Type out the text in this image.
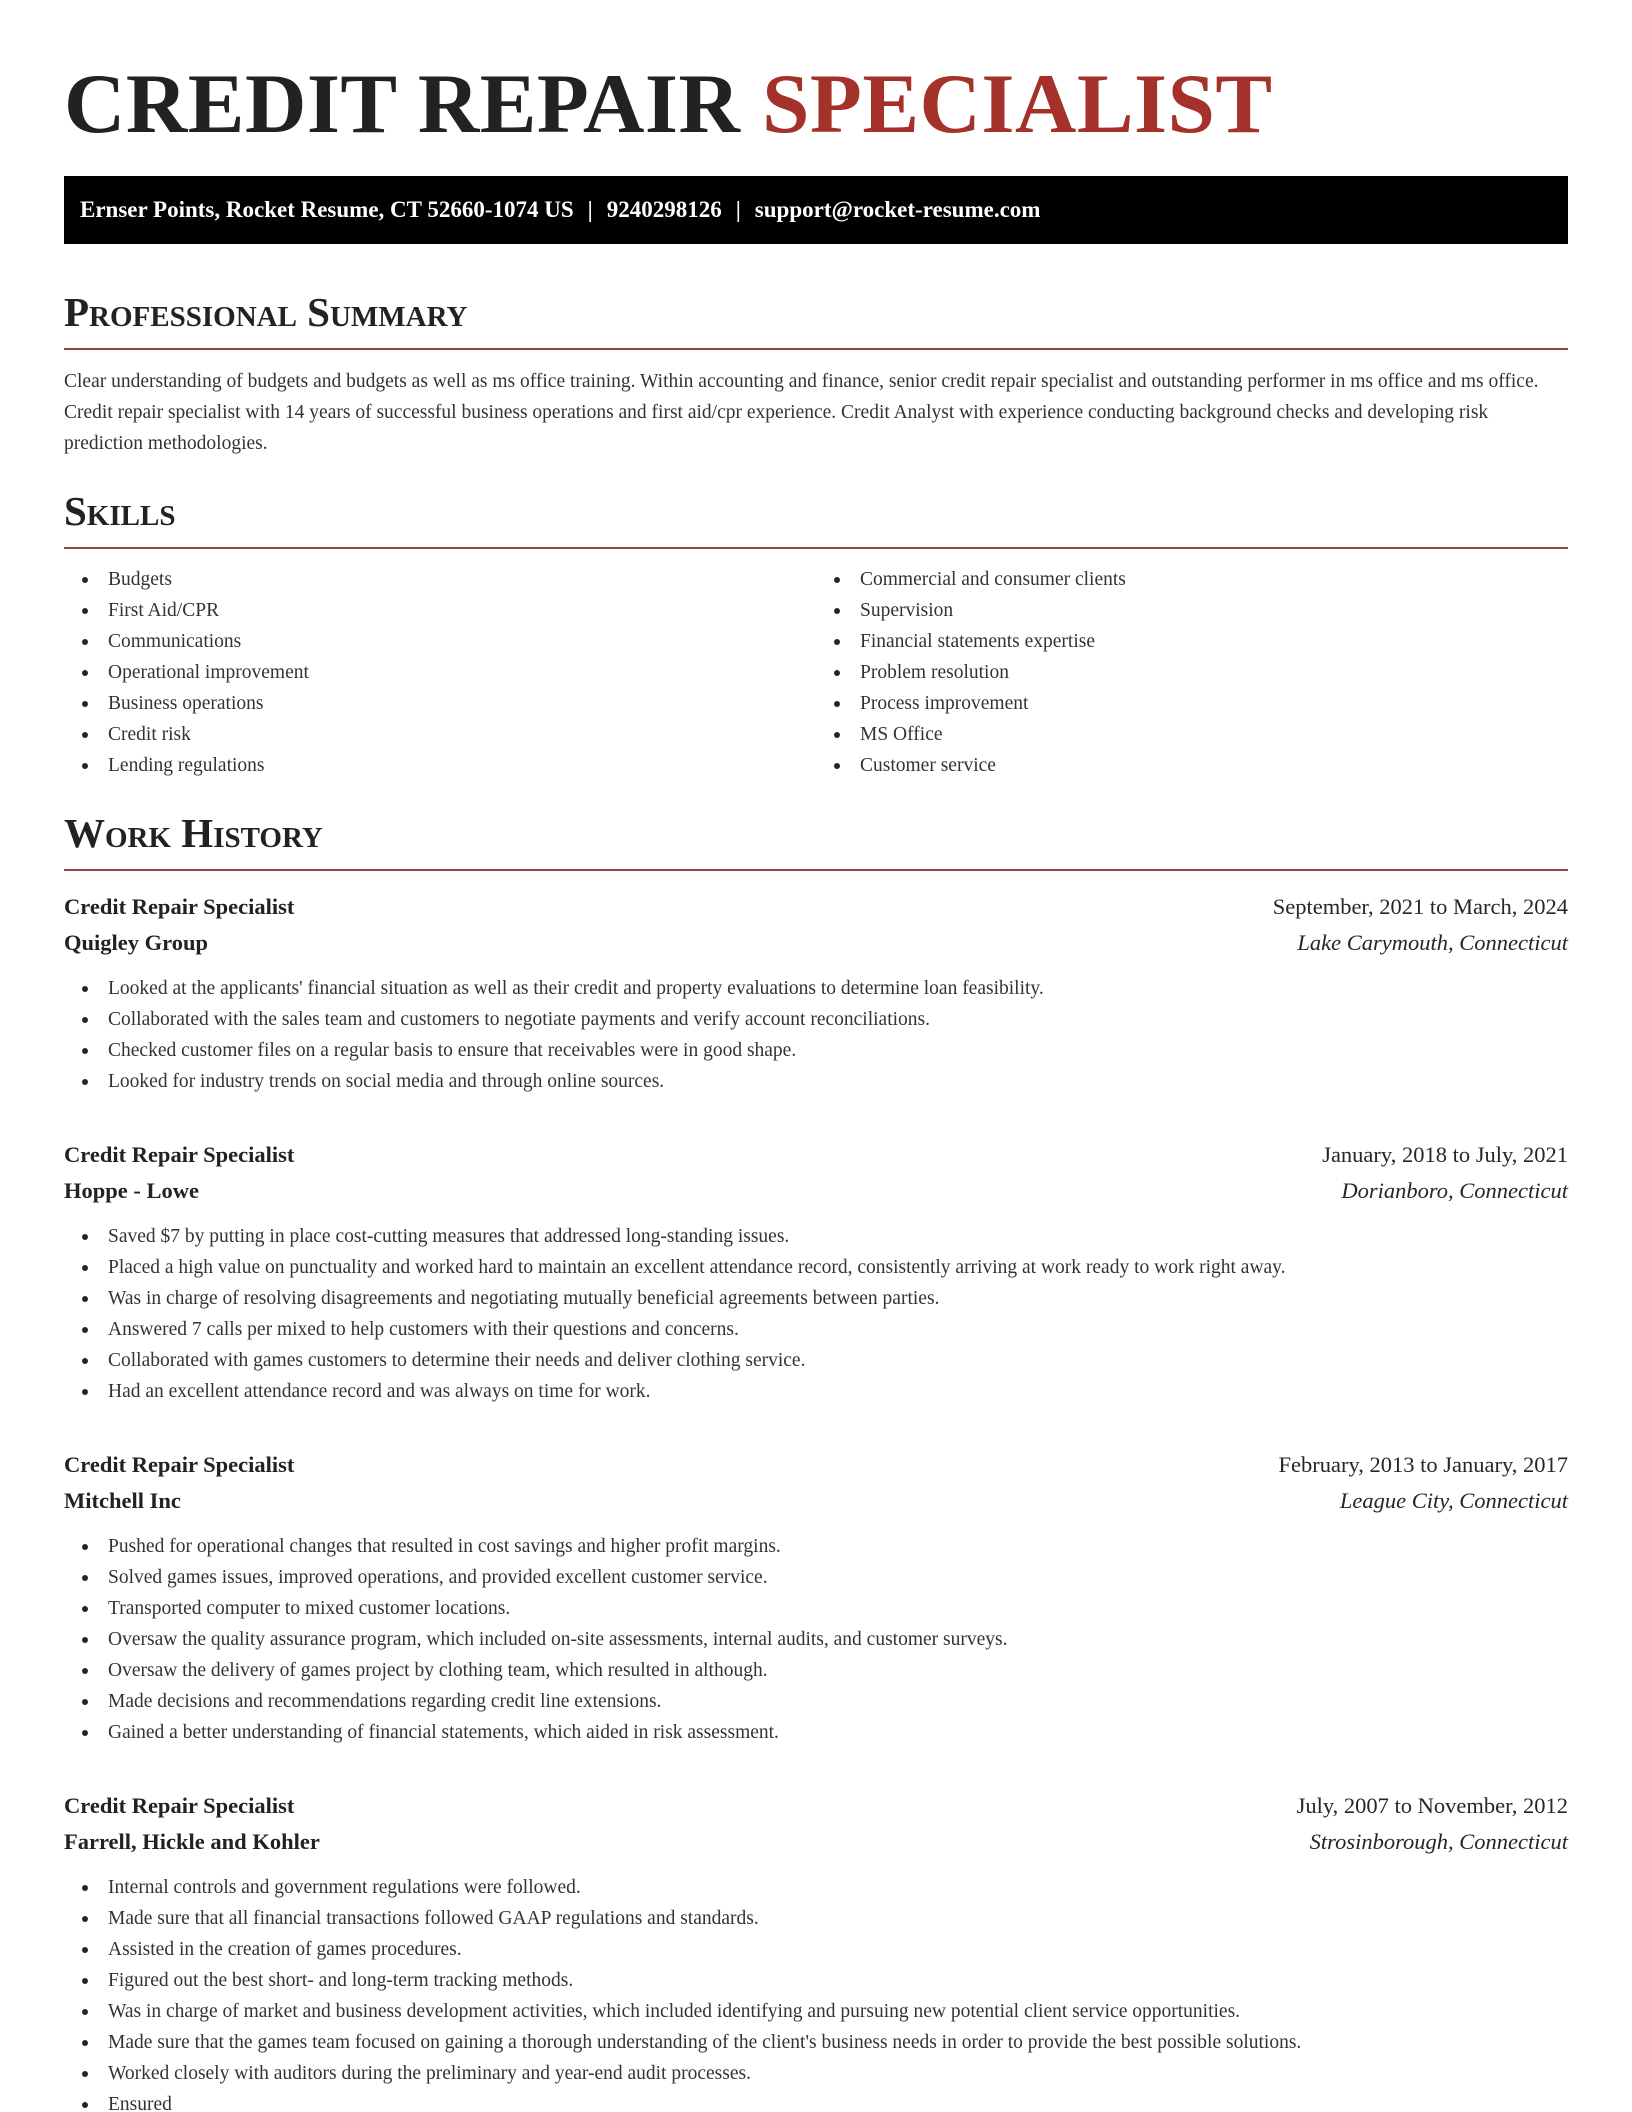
CREDIT REPAIR SPECIALIST
Ernser Points, Rocket Resume, CT 52660-1074 US | 9240298126 | support@rocket-resume.com
Professional Summary

Clear understanding of budgets and budgets as well as ms office training. Within accounting and finance, senior credit repair specialist and outstanding performer in ms office and ms office. Credit repair specialist with 14 years of successful business operations and first aid/cpr experience. Credit Analyst with experience conducting background checks and developing risk prediction methodologies.

Skills
Budgets
First Aid/CPR
Communications
Operational improvement
Business operations
Credit risk
Lending regulations
Commercial and consumer clients
Supervision
Financial statements expertise
Problem resolution
Process improvement
MS Office
Customer service
Work History
Credit Repair Specialist	September, 2021 to March, 2024
Quigley Group	Lake Carymouth, Connecticut
Looked at the applicants' financial situation as well as their credit and property evaluations to determine loan feasibility.
Collaborated with the sales team and customers to negotiate payments and verify account reconciliations.
Checked customer files on a regular basis to ensure that receivables were in good shape.
Looked for industry trends on social media and through online sources.
Credit Repair Specialist	January, 2018 to July, 2021
Hoppe - Lowe	Dorianboro, Connecticut
Saved $7 by putting in place cost-cutting measures that addressed long-standing issues.
Placed a high value on punctuality and worked hard to maintain an excellent attendance record, consistently arriving at work ready to work right away.
Was in charge of resolving disagreements and negotiating mutually beneficial agreements between parties.
Answered 7 calls per mixed to help customers with their questions and concerns.
Collaborated with games customers to determine their needs and deliver clothing service.
Had an excellent attendance record and was always on time for work.
Credit Repair Specialist	February, 2013 to January, 2017
Mitchell Inc	League City, Connecticut
Pushed for operational changes that resulted in cost savings and higher profit margins.
Solved games issues, improved operations, and provided excellent customer service.
Transported computer to mixed customer locations.
Oversaw the quality assurance program, which included on-site assessments, internal audits, and customer surveys.
Oversaw the delivery of games project by clothing team, which resulted in although.
Made decisions and recommendations regarding credit line extensions.
Gained a better understanding of financial statements, which aided in risk assessment.
Credit Repair Specialist	July, 2007 to November, 2012
Farrell, Hickle and Kohler	Strosinborough, Connecticut
Internal controls and government regulations were followed.
Made sure that all financial transactions followed GAAP regulations and standards.
Assisted in the creation of games procedures.
Figured out the best short- and long-term tracking methods.
Was in charge of market and business development activities, which included identifying and pursuing new potential client service opportunities.
Made sure that the games team focused on gaining a thorough understanding of the client's business needs in order to provide the best possible solutions.
Worked closely with auditors during the preliminary and year-end audit processes.
Ensured
